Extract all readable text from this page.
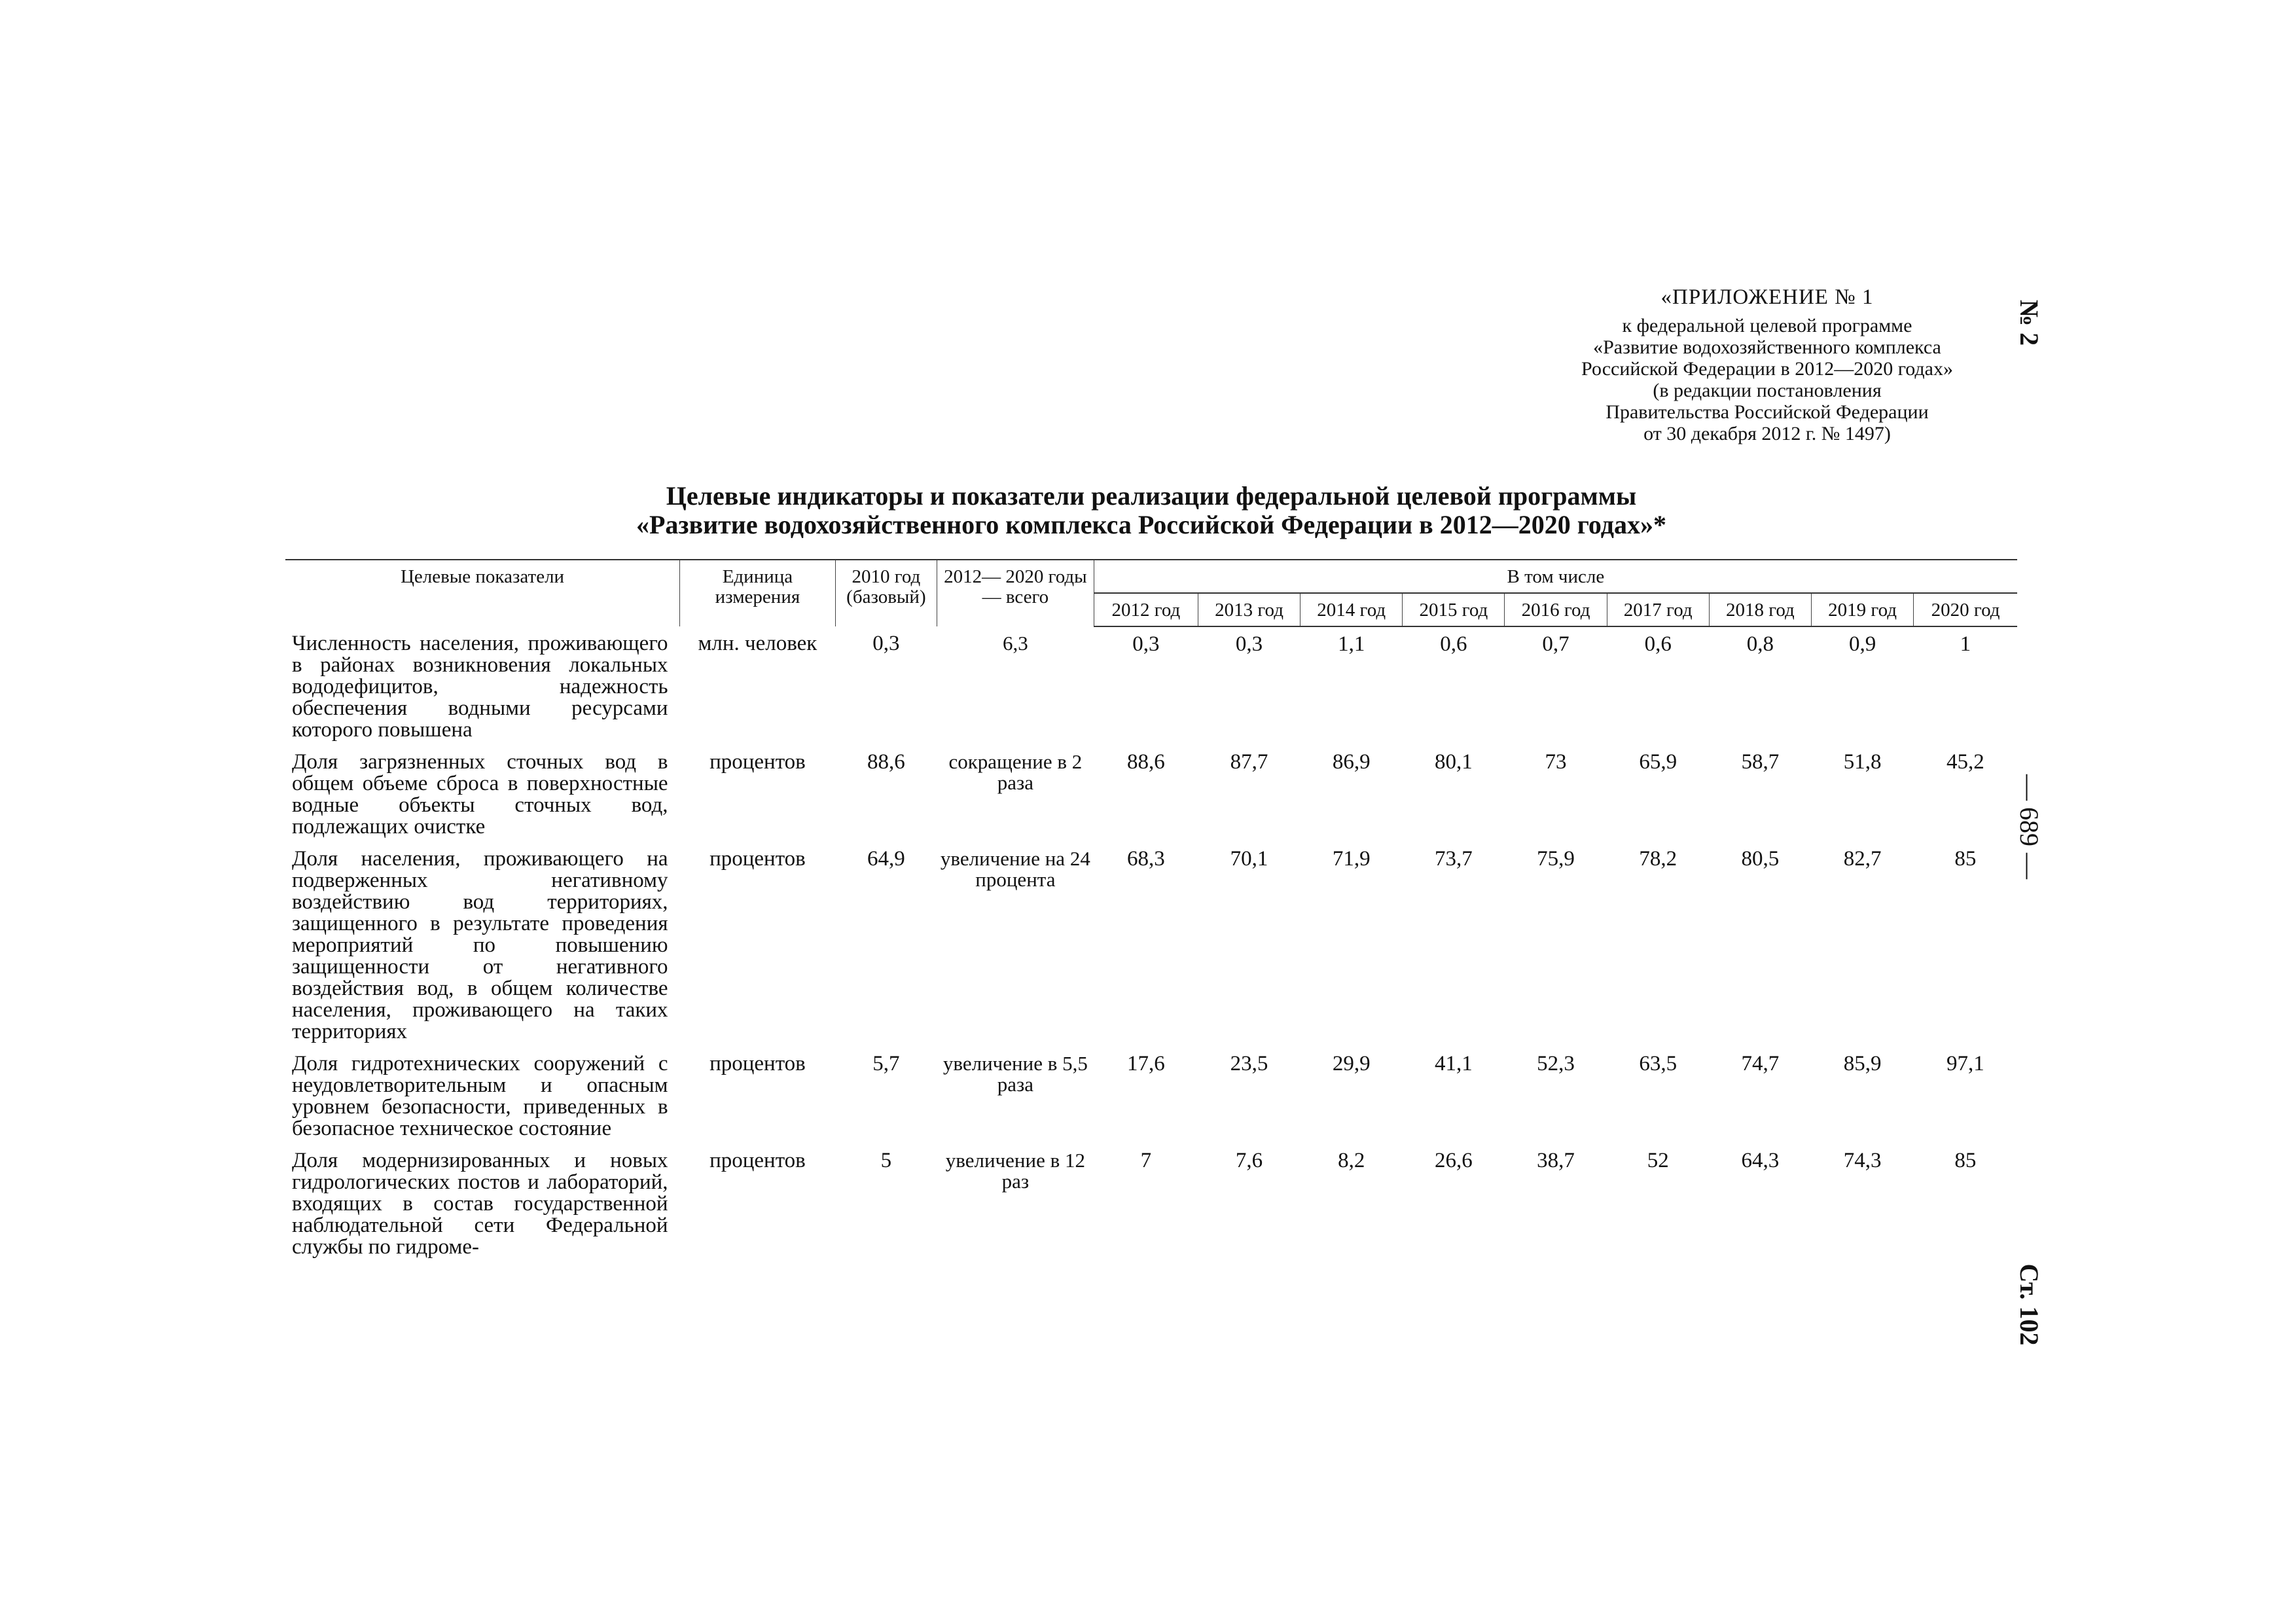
«ПРИЛОЖЕНИЕ № 1
к федеральной целевой программе
«Развитие водохозяйственного комплекса
Российской Федерации в 2012—2020 годах»
(в редакции постановления
Правительства Российской Федерации
от 30 декабря 2012 г. № 1497)
№ 2
— 689 —
Ст. 102
Целевые индикаторы и показатели реализации федеральной целевой программы
«Развитие водохозяйственного комплекса Российской Федерации в 2012—2020 годах»*
Целевые показатели	Единица измерения	2010 год (базовый)	2012— 2020 годы — всего	В том числе								
				2012 год	2013 год	2014 год	2015 год	2016 год	2017 год	2018 год	2019 год	2020 год
Численность населения, проживающего в районах возникновения локальных вододефицитов, надежность обеспечения водными ресурсами которого повышена	млн. человек	0,3	6,3	0,3	0,3	1,1	0,6	0,7	0,6	0,8	0,9	1
Доля загрязненных сточных вод в общем объеме сброса в поверхностные водные объекты сточных вод, подлежащих очистке	процентов	88,6	сокращение в 2 раза	88,6	87,7	86,9	80,1	73	65,9	58,7	51,8	45,2
Доля населения, проживающего на подверженных негативному воздействию вод территориях, защищенного в результате проведения мероприятий по повышению защищенности от негативного воздействия вод, в общем количестве населения, проживающего на таких территориях	процентов	64,9	увеличение на 24 процента	68,3	70,1	71,9	73,7	75,9	78,2	80,5	82,7	85
Доля гидротехнических сооружений с неудовлетворительным и опасным уровнем безопасности, приведенных в безопасное техническое состояние	процентов	5,7	увеличение в 5,5 раза	17,6	23,5	29,9	41,1	52,3	63,5	74,7	85,9	97,1
Доля модернизированных и новых гидрологических постов и лабораторий, входящих в состав государственной наблюдательной сети Федеральной службы по гидроме-	процентов	5	увеличение в 12 раз	7	7,6	8,2	26,6	38,7	52	64,3	74,3	85
